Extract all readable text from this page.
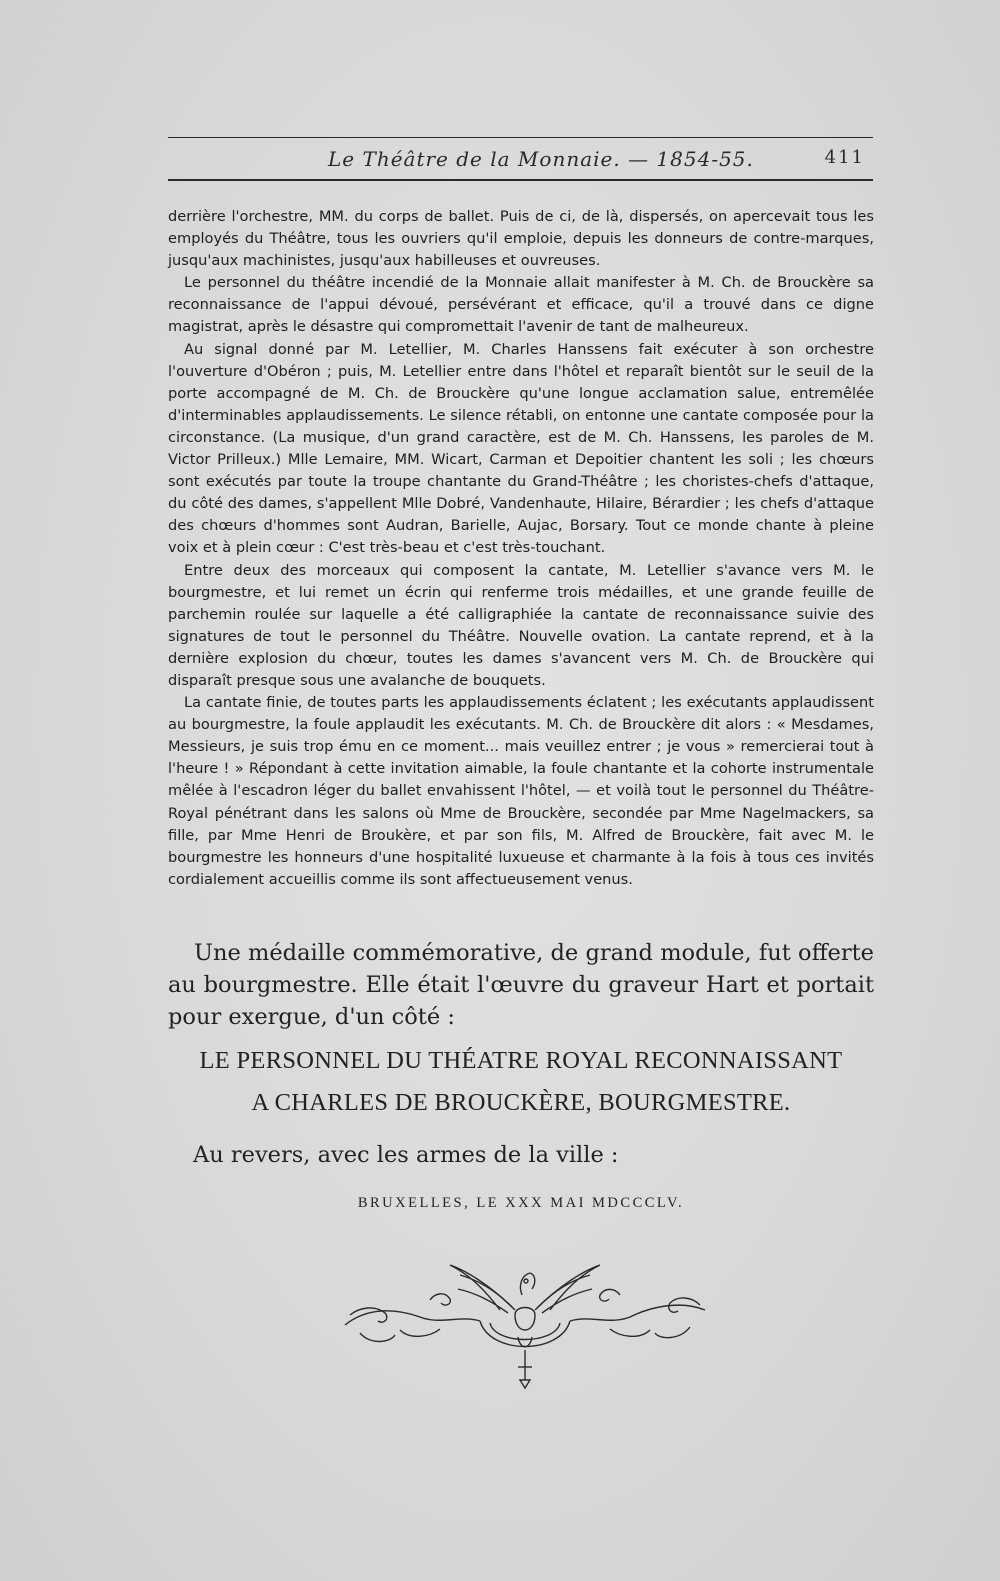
Le Théâtre de la Monnaie. — 1854-55.	411

derrière l'orchestre, MM. du corps de ballet. Puis de ci, de là, dispersés, on apercevait tous les employés du Théâtre, tous les ouvriers qu'il emploie, depuis les donneurs de contre-marques, jusqu'aux machinistes, jusqu'aux habilleuses et ouvreuses.

Le personnel du théâtre incendié de la Monnaie allait manifester à M. Ch. de Brouckère sa reconnaissance de l'appui dévoué, persévérant et efficace, qu'il a trouvé dans ce digne magistrat, après le désastre qui compromettait l'avenir de tant de malheureux.

Au signal donné par M. Letellier, M. Charles Hanssens fait exécuter à son orchestre l'ouverture d'Obéron ; puis, M. Letellier entre dans l'hôtel et reparaît bientôt sur le seuil de la porte accompagné de M. Ch. de Brouckère qu'une longue acclamation salue, entremêlée d'interminables applaudissements. Le silence rétabli, on entonne une cantate composée pour la circonstance. (La musique, d'un grand caractère, est de M. Ch. Hanssens, les paroles de M. Victor Prilleux.) Mlle Lemaire, MM. Wicart, Carman et Depoitier chantent les soli ; les chœurs sont exécutés par toute la troupe chantante du Grand-Théâtre ; les choristes-chefs d'attaque, du côté des dames, s'appellent Mlle Dobré, Vandenhaute, Hilaire, Bérardier ; les chefs d'attaque des chœurs d'hommes sont Audran, Barielle, Aujac, Borsary. Tout ce monde chante à pleine voix et à plein cœur : C'est très-beau et c'est très-touchant.

Entre deux des morceaux qui composent la cantate, M. Letellier s'avance vers M. le bourgmestre, et lui remet un écrin qui renferme trois médailles, et une grande feuille de parchemin roulée sur laquelle a été calligraphiée la cantate de reconnaissance suivie des signatures de tout le personnel du Théâtre. Nouvelle ovation. La cantate reprend, et à la dernière explosion du chœur, toutes les dames s'avancent vers M. Ch. de Brouckère qui disparaît presque sous une avalanche de bouquets.

La cantate finie, de toutes parts les applaudissements éclatent ; les exécutants applaudissent au bourgmestre, la foule applaudit les exécutants. M. Ch. de Brouckère dit alors : « Mesdames, Messieurs, je suis trop ému en ce moment... mais veuillez entrer ; je vous » remercierai tout à l'heure ! » Répondant à cette invitation aimable, la foule chantante et la cohorte instrumentale mêlée à l'escadron léger du ballet envahissent l'hôtel, — et voilà tout le personnel du Théâtre-Royal pénétrant dans les salons où Mme de Brouckère, secondée par Mme Nagelmackers, sa fille, par Mme Henri de Broukère, et par son fils, M. Alfred de Brouckère, fait avec M. le bourgmestre les honneurs d'une hospitalité luxueuse et charmante à la fois à tous ces invités cordialement accueillis comme ils sont affectueusement venus.

Une médaille commémorative, de grand module, fut offerte au bourgmestre. Elle était l'œuvre du graveur Hart et portait pour exergue, d'un côté :

LE PERSONNEL DU THÉATRE ROYAL RECONNAISSANT
A CHARLES DE BROUCKÈRE, BOURGMESTRE.
Au revers, avec les armes de la ville :
BRUXELLES, LE XXX MAI MDCCCLV.
